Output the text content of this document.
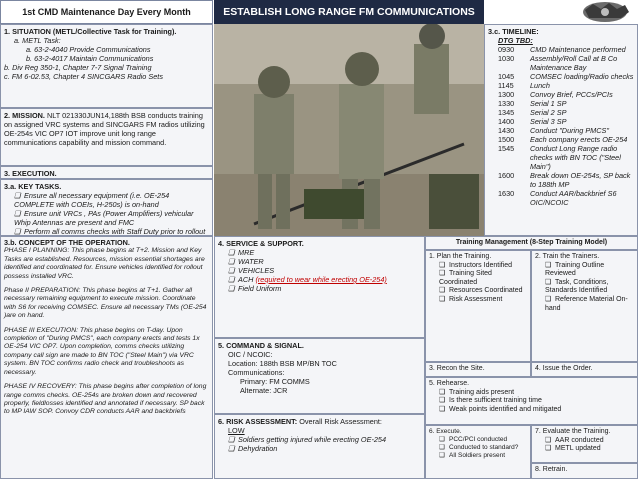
1st CMD Maintenance Day Every Month	ESTABLISH LONG RANGE FM COMMUNICATIONS
1. SITUATION (METL/Collective Task for Training).
a. METL Task:
a. 63-2-4040 Provide Communications
b. 63-2-4017 Maintain Communications
b. Div Reg 350-1, Chapter 7-7 Signal Training
c. FM 6-02.53, Chapter 4 SINCGARS Radio Sets
2. MISSION. NLT 021330JUN14,188th BSB conducts training on assigned VRC systems and SINCGARS FM radios utilizing OE-254s VIC OP7 IOT improve unit long range communications capability and mission command.
3. EXECUTION.
3.a. KEY TASKS.
❑ Ensure all necessary equipment (i.e. OE-254 COMPLETE with COEIs, H-250s) is on-hand
❑ Ensure unit VRCs , PAs (Power Amplifiers) vehicular Whip Antennas are present and FMC
❑ Perform all comms checks with Staff Duty prior to rollout
3.c. TIMELINE:
DTG TBD:
0930	CMD Maintenance performed
1030	Assembly/Roll Call at B Co Maintenance Bay
1045	COMSEC loading/Radio checks
1145	Lunch
1300	Convoy Brief, PCCs/PCIs
1330	Serial 1 SP
1345	Serial 2 SP
1400	Serial 3 SP
1430	Conduct "During PMCS"
1500	Each company erects OE-254
1545	Conduct Long Range radio checks with BN TOC ("Steel Main")
1600	Break down OE-254s, SP back to 188th MP
1630	Conduct AAR/backbrief S6 OIC/NCOIC
3.b. CONCEPT OF THE OPERATION.
PHASE I PLANNING: This phase begins at T+2. Mission and Key Tasks are established. Resources, mission essential shortages are identified and coordinated for. Ensure vehicles identified for rollout possess installed VRC.
Phase II PREPARATION: This phase begins at T+1. Gather all necessary remaining equipment to execute mission. Coordinate with S6 for receiving COMSEC. Ensure all necessary TMs (OE-254 )are on hand.
PHASE III EXECUTION: This phase begins on T-day. Upon completion of "During PMCS", each company erects and tests 1x OE-254 VIC OP7. Upon completion, comms checks utilizing company call sign are made to BN TOC ("Steel Main") via VRC system. BN TOC confirms radio check and troubleshoots as necessary.
PHASE IV RECOVERY: This phase begins after completion of long range comms checks. OE-254s are broken down and recovered properly, fieldlosses identified and annotated if necessary. SP back to MP IAW SOP. Convoy CDR conducts AAR and backbriefs
4. SERVICE & SUPPORT.
❑ MRE
❑ WATER
❑ VEHICLES
❑ ACH (required to wear while erecting OE-254)
❑ Field Uniform
5. COMMAND & SIGNAL.
OIC / NCOIC:
Location: 188th BSB MP/BN TOC
Communications:
Primary: FM COMMS
Alternate: JCR
6. RISK ASSESSMENT: Overall Risk Assessment:
LOW
❑ Soldiers getting injured while erecting OE-254
❑ Dehydration
Training Management (8-Step Training Model)
1. Plan the Training.
❑ Instructors Identified
❑ Training Sited Coordinated
❑ Resources Coordinated
❑ Risk Assessment
2. Train the Trainers.
❑ Training Outline Reviewed
❑ Task, Conditions, Standards Identified
❑ Reference Material On-hand
3. Recon the Site.	4. Issue the Order.
5. Rehearse.
❑ Training aids present
❑ Is there sufficient training time
❑ Weak points identified and mitigated
6. Execute.
❑ PCC/PCI conducted
❑ Conducted to standard?
❑ All Soldiers present
7. Evaluate the Training.
❑ AAR conducted
❑ METL updated
8. Retrain.
